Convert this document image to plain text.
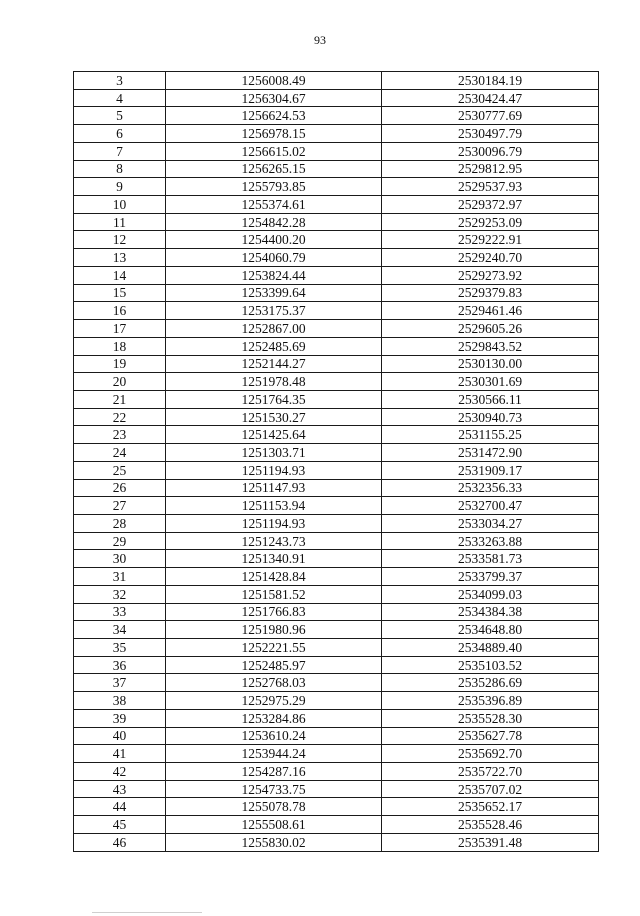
93
3	1256008.49	2530184.19
4	1256304.67	2530424.47
5	1256624.53	2530777.69
6	1256978.15	2530497.79
7	1256615.02	2530096.79
8	1256265.15	2529812.95
9	1255793.85	2529537.93
10	1255374.61	2529372.97
11	1254842.28	2529253.09
12	1254400.20	2529222.91
13	1254060.79	2529240.70
14	1253824.44	2529273.92
15	1253399.64	2529379.83
16	1253175.37	2529461.46
17	1252867.00	2529605.26
18	1252485.69	2529843.52
19	1252144.27	2530130.00
20	1251978.48	2530301.69
21	1251764.35	2530566.11
22	1251530.27	2530940.73
23	1251425.64	2531155.25
24	1251303.71	2531472.90
25	1251194.93	2531909.17
26	1251147.93	2532356.33
27	1251153.94	2532700.47
28	1251194.93	2533034.27
29	1251243.73	2533263.88
30	1251340.91	2533581.73
31	1251428.84	2533799.37
32	1251581.52	2534099.03
33	1251766.83	2534384.38
34	1251980.96	2534648.80
35	1252221.55	2534889.40
36	1252485.97	2535103.52
37	1252768.03	2535286.69
38	1252975.29	2535396.89
39	1253284.86	2535528.30
40	1253610.24	2535627.78
41	1253944.24	2535692.70
42	1254287.16	2535722.70
43	1254733.75	2535707.02
44	1255078.78	2535652.17
45	1255508.61	2535528.46
46	1255830.02	2535391.48
